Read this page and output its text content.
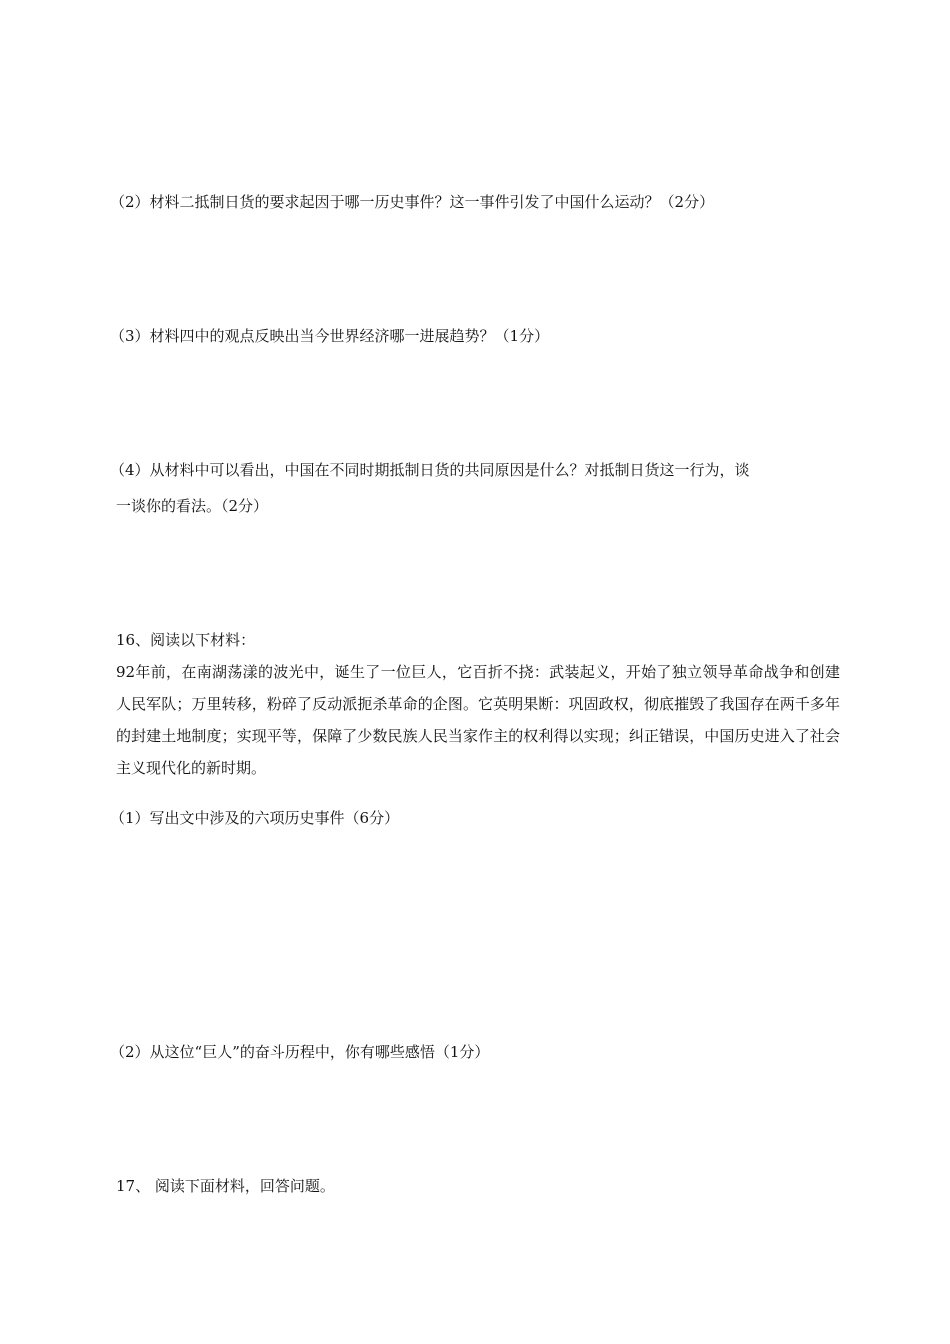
（2）材料二抵制日货的要求起因于哪一历史事件？这一事件引发了中国什么运动？（2分）
（3）材料四中的观点反映出当今世界经济哪一进展趋势？（1分）
（4）从材料中可以看出，中国在不同时期抵制日货的共同原因是什么？对抵制日货这一行为，谈
一谈你的看法。（2分）
16、阅读以下材料：
92年前，在南湖荡漾的波光中，诞生了一位巨人，它百折不挠：武装起义，开始了独立领导革命战争和创建人民军队；万里转移，粉碎了反动派扼杀革命的企图。它英明果断：巩固政权，彻底摧毁了我国存在两千多年的封建土地制度；实现平等，保障了少数民族人民当家作主的权利得以实现；纠正错误，中国历史进入了社会主义现代化的新时期。
（1）写出文中涉及的六项历史事件（6分）
（2）从这位“巨人”的奋斗历程中，你有哪些感悟（1分）
17、 阅读下面材料，回答问题。
